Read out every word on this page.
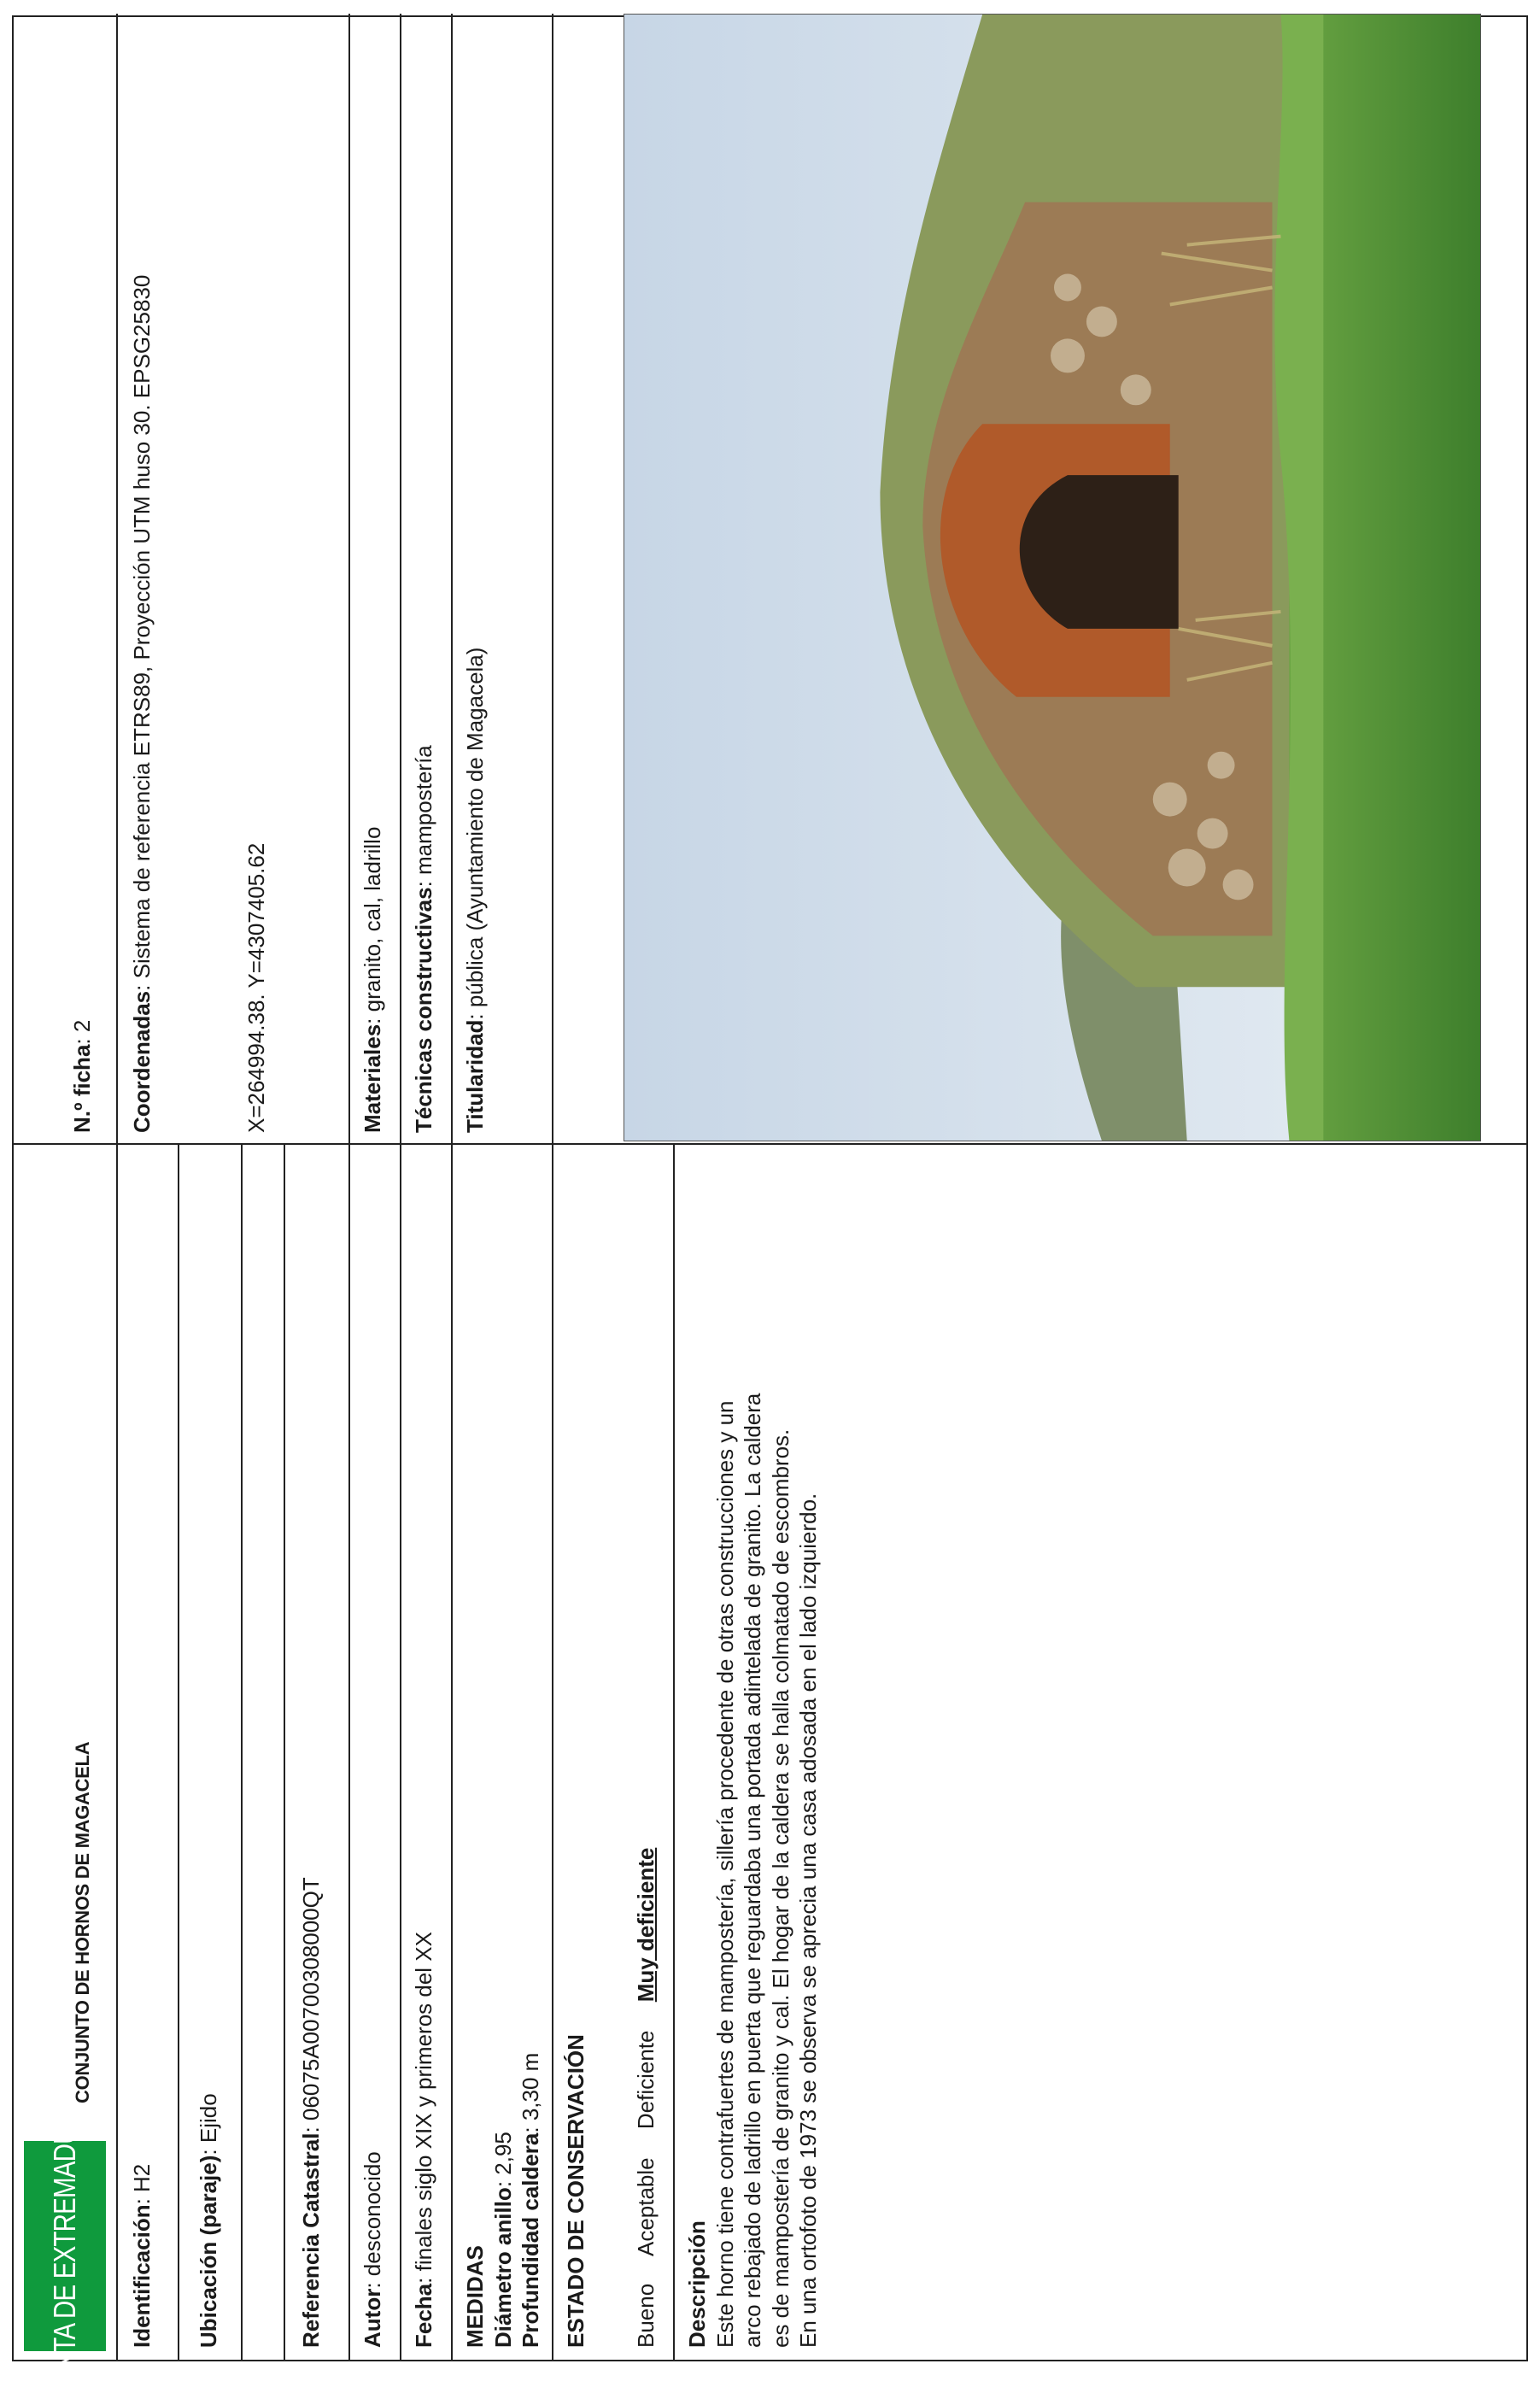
JUNTA DE EXTREMADURA
CONJUNTO DE HORNOS DE MAGACELA
Identificación: H2 Ubicación (paraje): Ejido
Referencia Catastral: 06075A00700308000QT
Autor: desconocido
Fecha: finales siglo XIX y primeros del XX
MEDIDAS Diámetro anillo: 2,95 Profundidad caldera: 3,30 m ESTADO DE CONSERVACIÓN Bueno Aceptable Deficiente Muy deficiente
Descripción Este horno tiene contrafuertes de mampostería, sillería procedente de otras construcciones y un arco rebajado de ladrillo en puerta que reguardaba una portada adintelada de granito. La caldera es de mampostería de granito y cal. El hogar de la caldera se halla colmatado de escombros. En una ortofoto de 1973 se observa se aprecia una casa adosada en el lado izquierdo.

N.º ficha: 2 Coordenadas: Sistema de referencia ETRS89, Proyección UTM huso 30. EPSG25830	X=264994.38. Y=4307405.62	Materiales: granito, cal, ladrillo Técnicas constructivas: mampostería
Titularidad: pública (Ayuntamiento de Magacela)
